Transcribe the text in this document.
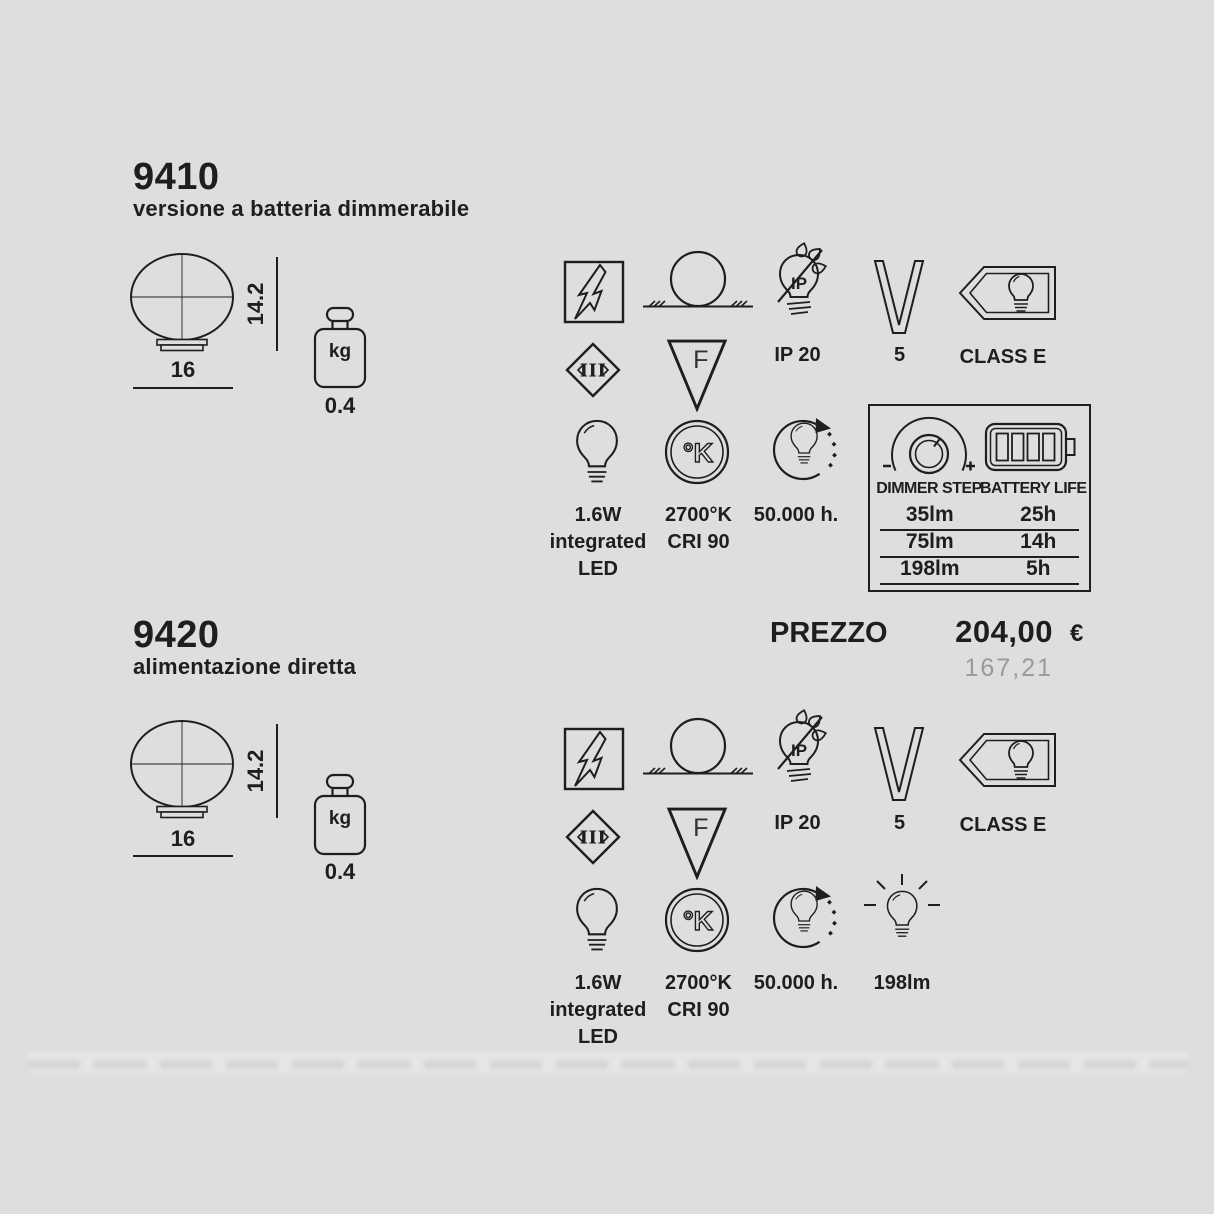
9410
versione a batteria dimmerabile
14.2
16
kg
0.4
IP
III	F	IP 20	5	CLASS E
°K
1.6W
integrated
LED
2700°K
CRI 90
50.000 h.
DIMMER STEP
BATTERY LIFE
35lm	25h
75lm	14h
198lm	5h
PREZZO	204,00 €
167,21
9420
alimentazione diretta
14.2
16
kg
0.4
IP
III	F	IP 20	5	CLASS E
°K
1.6W
integrated
LED
2700°K
CRI 90
50.000 h.	198lm
